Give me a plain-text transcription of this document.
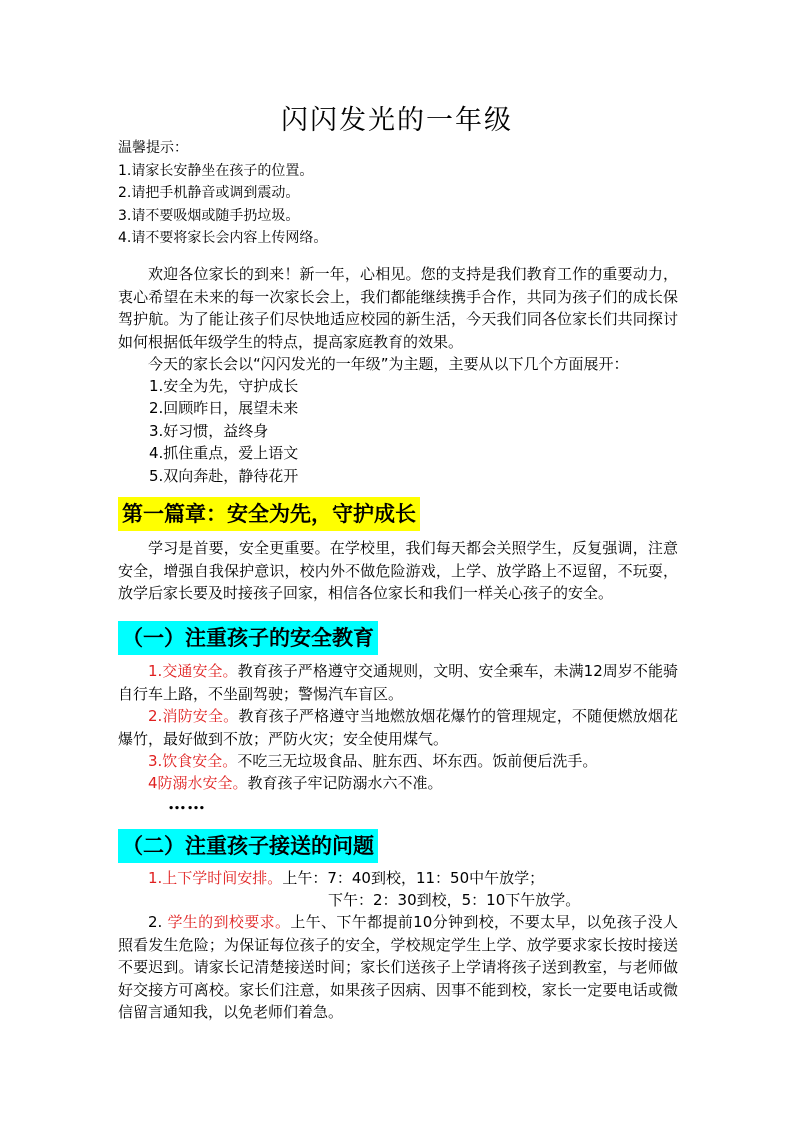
闪闪发光的一年级
温馨提示：
1.请家长安静坐在孩子的位置。
2.请把手机静音或调到震动。
3.请不要吸烟或随手扔垃圾。
4.请不要将家长会内容上传网络。
欢迎各位家长的到来！新一年，心相见。您的支持是我们教育工作的重要动力，衷心希望在未来的每一次家长会上，我们都能继续携手合作，共同为孩子们的成长保驾护航。为了能让孩子们尽快地适应校园的新生活，今天我们同各位家长们共同探讨如何根据低年级学生的特点，提高家庭教育的效果。
今天的家长会以“闪闪发光的一年级”为主题，主要从以下几个方面展开：
1.安全为先，守护成长
2.回顾昨日，展望未来
3.好习惯，益终身
4.抓住重点，爱上语文
5.双向奔赴，静待花开
第一篇章：安全为先，守护成长
学习是首要，安全更重要。在学校里，我们每天都会关照学生，反复强调，注意安全，增强自我保护意识，校内外不做危险游戏，上学、放学路上不逗留，不玩耍，放学后家长要及时接孩子回家，相信各位家长和我们一样关心孩子的安全。
（一）注重孩子的安全教育
1.交通安全。教育孩子严格遵守交通规则，文明、安全乘车，未满12周岁不能骑自行车上路，不坐副驾驶；警惕汽车盲区。
2.消防安全。教育孩子严格遵守当地燃放烟花爆竹的管理规定，不随便燃放烟花爆竹，最好做到不放；严防火灾；安全使用煤气。
3.饮食安全。不吃三无垃圾食品、脏东西、坏东西。饭前便后洗手。
4防溺水安全。教育孩子牢记防溺水六不准。
……
（二）注重孩子接送的问题
1.上下学时间安排。上午：7：40到校，11：50中午放学；
下午：2：30到校，5：10下午放学。
2. 学生的到校要求。上午、下午都提前10分钟到校，不要太早，以免孩子没人照看发生危险；为保证每位孩子的安全，学校规定学生上学、放学要求家长按时接送不要迟到。请家长记清楚接送时间；家长们送孩子上学请将孩子送到教室，与老师做好交接方可离校。家长们注意，如果孩子因病、因事不能到校，家长一定要电话或微信留言通知我，以免老师们着急。
